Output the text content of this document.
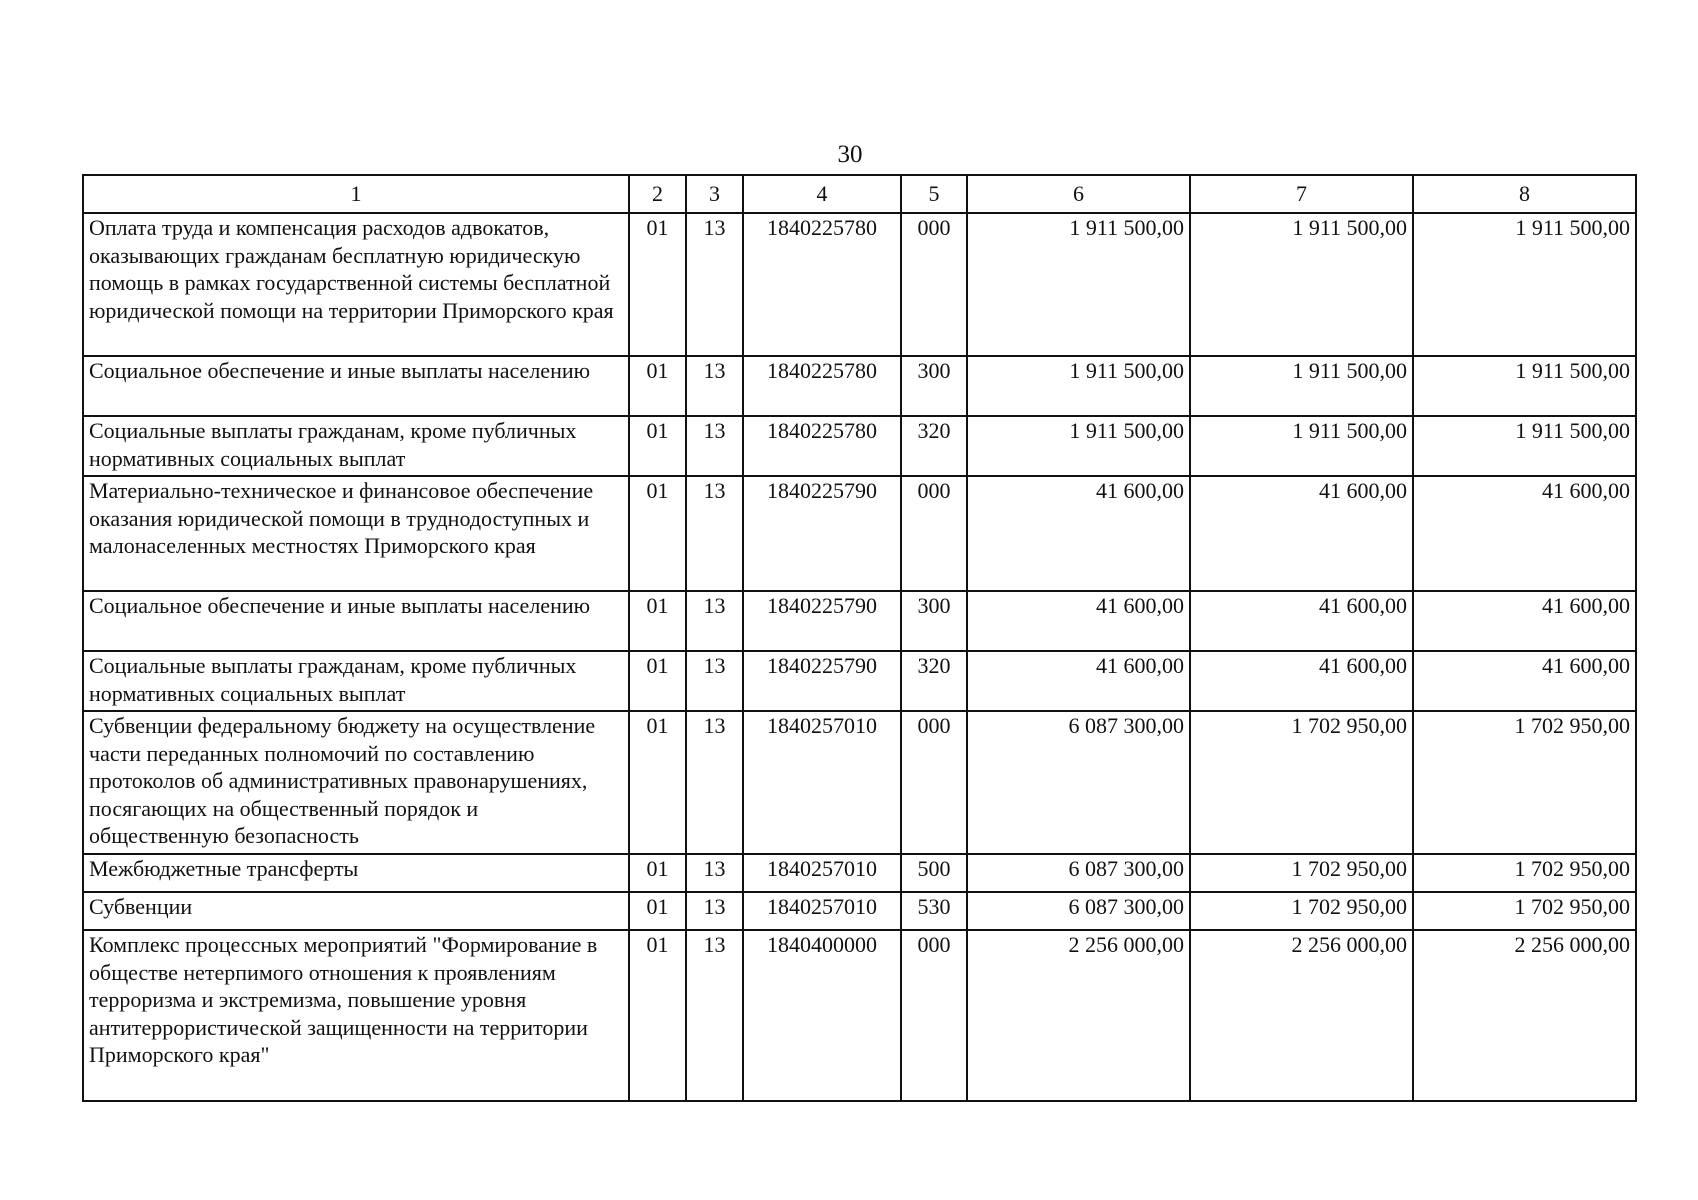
30
1	2	3	4	5	6	7	8
Оплата труда и компенсация расходов адвокатов, оказывающих гражданам бесплатную юридическую помощь в рамках государственной системы бесплатной юридической помощи на территории Приморского края	01	13	1840225780	000	1 911 500,00	1 911 500,00	1 911 500,00
Социальное обеспечение и иные выплаты населению	01	13	1840225780	300	1 911 500,00	1 911 500,00	1 911 500,00
Социальные выплаты гражданам, кроме публичных нормативных социальных выплат	01	13	1840225780	320	1 911 500,00	1 911 500,00	1 911 500,00
Материально-техническое и финансовое обеспечение оказания юридической помощи в труднодоступных и малонаселенных местностях Приморского края	01	13	1840225790	000	41 600,00	41 600,00	41 600,00
Социальное обеспечение и иные выплаты населению	01	13	1840225790	300	41 600,00	41 600,00	41 600,00
Социальные выплаты гражданам, кроме публичных нормативных социальных выплат	01	13	1840225790	320	41 600,00	41 600,00	41 600,00
Субвенции федеральному бюджету на осуществление части переданных полномочий по составлению протоколов об административных правонарушениях, посягающих на общественный порядок и общественную безопасность	01	13	1840257010	000	6 087 300,00	1 702 950,00	1 702 950,00
Межбюджетные трансферты	01	13	1840257010	500	6 087 300,00	1 702 950,00	1 702 950,00
Субвенции	01	13	1840257010	530	6 087 300,00	1 702 950,00	1 702 950,00
Комплекс процессных мероприятий "Формирование в обществе нетерпимого отношения к проявлениям терроризма и экстремизма, повышение уровня антитеррористической защищенности на территории Приморского края"	01	13	1840400000	000	2 256 000,00	2 256 000,00	2 256 000,00
